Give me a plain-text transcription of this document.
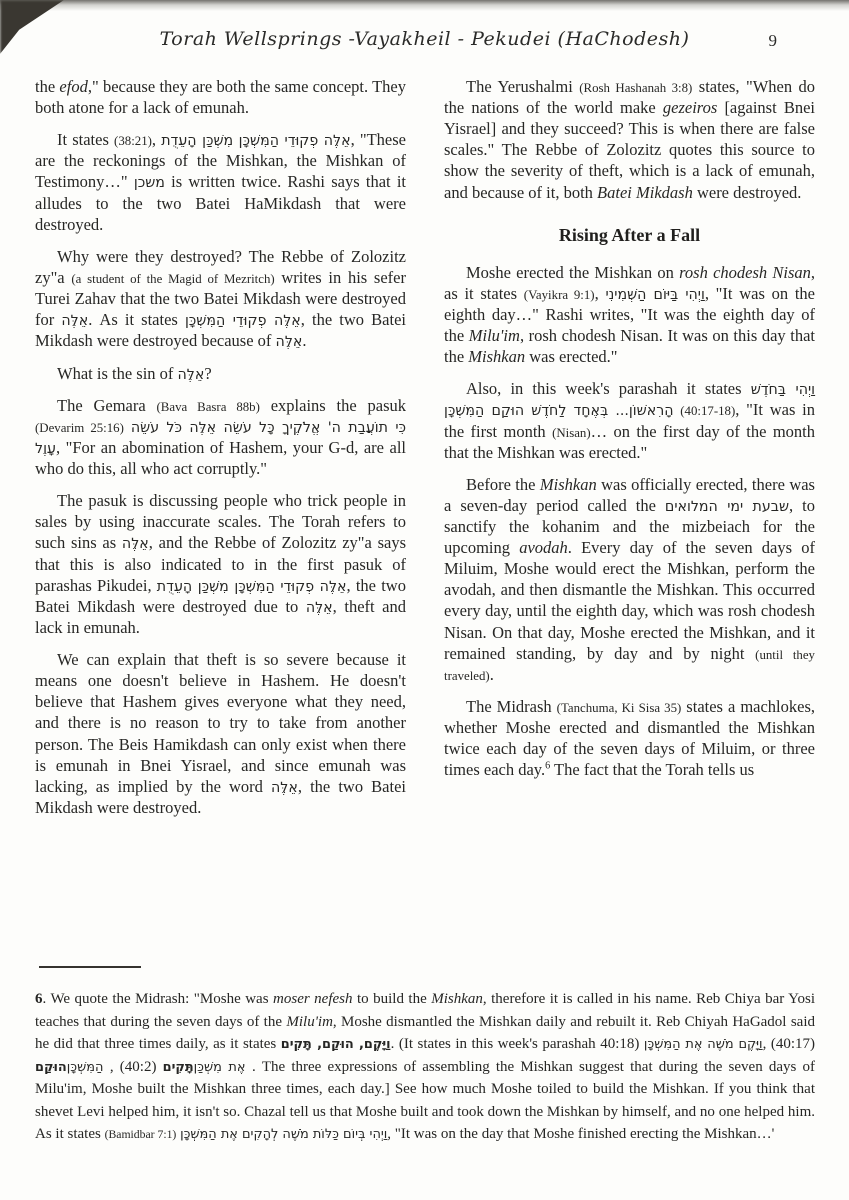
Torah Wellsprings -Vayakheil - Pekudei (HaChodesh)	9

the efod," because they are both the same concept. They both atone for a lack of emunah.

It states (38:21), אֵלֶּה פְקוּדֵי הַמִּשְׁכָּן מִשְׁכַּן הָעֵדֻת, "These are the reckonings of the Mishkan, the Mishkan of Testimony…" משכן is written twice. Rashi says that it alludes to the two Batei HaMikdash that were destroyed.

Why were they destroyed? The Rebbe of Zolozitz zy"a (a student of the Magid of Mezritch) writes in his sefer Turei Zahav that the two Batei Mikdash were destroyed for אֵלֶּה. As it states אֵלֶּה פְקוּדֵי הַמִּשְׁכָּן, the two Batei Mikdash were destroyed because of אֵלֶּה.

What is the sin of אֵלֶּה?

The Gemara (Bava Basra 88b) explains the pasuk (Devarim 25:16) כִּי תוֹעֲבַת ה' אֱלֹקֶיךָ כָּל עֹשֵׂה אֵלֶּה כֹּל עֹשֵׂה עָוֶל, "For an abomination of Hashem, your G-d, are all who do this, all who act corruptly."

The pasuk is discussing people who trick people in sales by using inaccurate scales. The Torah refers to such sins as אֵלֶּה, and the Rebbe of Zolozitz zy"a says that this is also indicated to in the first pasuk of parashas Pikudei, אֵלֶּה פְקוּדֵי הַמִּשְׁכָּן מִשְׁכַּן הָעֵדֻת, the two Batei Mikdash were destroyed due to אֵלֶּה, theft and lack in emunah.

We can explain that theft is so severe because it means one doesn't believe in Hashem. He doesn't believe that Hashem gives everyone what they need, and there is no reason to try to take from another person. The Beis Hamikdash can only exist when there is emunah in Bnei Yisrael, and since emunah was lacking, as implied by the word אֵלֶּה, the two Batei Mikdash were destroyed.

The Yerushalmi (Rosh Hashanah 3:8) states, "When do the nations of the world make gezeiros [against Bnei Yisrael] and they succeed? This is when there are false scales." The Rebbe of Zolozitz quotes this source to show the severity of theft, which is a lack of emunah, and because of it, both Batei Mikdash were destroyed.

Rising After a Fall

Moshe erected the Mishkan on rosh chodesh Nisan, as it states (Vayikra 9:1), וַיְהִי בַּיּוֹם הַשְּׁמִינִי, "It was on the eighth day…" Rashi writes, "It was the eighth day of the Milu'im, rosh chodesh Nisan. It was on this day that the Mishkan was erected."

Also, in this week's parashah it states וַיְהִי בַּחֹדֶשׁ הָרִאשׁוֹן... בְּאֶחָד לַחֹדֶשׁ הוּקַם הַמִּשְׁכָּן (40:17-18), "It was in the first month (Nisan)… on the first day of the month that the Mishkan was erected."

Before the Mishkan was officially erected, there was a seven-day period called the שבעת ימי המלואים, to sanctify the kohanim and the mizbeiach for the upcoming avodah. Every day of the seven days of Miluim, Moshe would erect the Mishkan, perform the avodah, and then dismantle the Mishkan. This occurred every day, until the eighth day, which was rosh chodesh Nisan. On that day, Moshe erected the Mishkan, and it remained standing, by day and by night (until they traveled).

The Midrash (Tanchuma, Ki Sisa 35) states a machlokes, whether Moshe erected and dismantled the Mishkan twice each day of the seven days of Miluim, or three times each day.$^6$ The fact that the Torah tells us

6. We quote the Midrash: "Moshe was moser nefesh to build the Mishkan, therefore it is called in his name. Reb Chiya bar Yosi teaches that during the seven days of the Milu'im, Moshe dismantled the Mishkan daily and rebuilt it. Reb Chiyah HaGadol said he did that three times daily, as it states וַיָּקֶם, הוּקַם, תָּקִים. (It states in this week's parashah 40:18) וַיָּקֶם מֹשֶׁה אֶת הַמִּשְׁכָּן, (40:17) הוּקַם הַמִּשְׁכָּן, (40:2) תָּקִים אֶת מִשְׁכַּן. The three expressions of assembling the Mishkan suggest that during the seven days of Milu'im, Moshe built the Mishkan three times, each day.] See how much Moshe toiled to build the Mishkan. If you think that shevet Levi helped him, it isn't so. Chazal tell us that Moshe built and took down the Mishkan by himself, and no one helped him. As it states (Bamidbar 7:1) וַיְהִי בְּיוֹם כַּלּוֹת מֹשֶׁה לְהָקִים אֶת הַמִּשְׁכָּן, "It was on the day that Moshe finished erecting the Mishkan…'
